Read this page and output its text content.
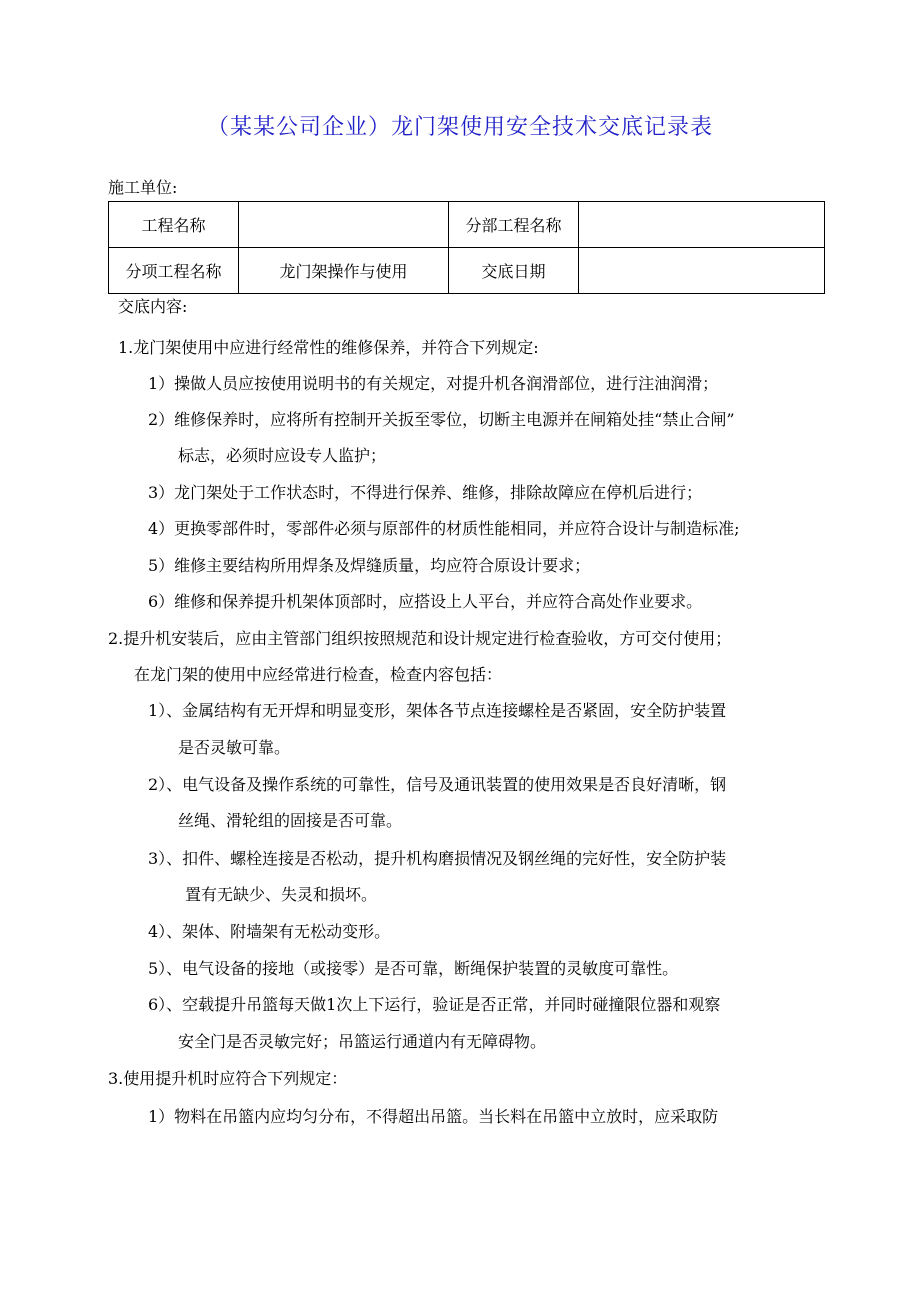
（某某公司企业）龙门架使用安全技术交底记录表
施工单位:
工程名称		分部工程名称	
分项工程名称	龙门架操作与使用	交底日期	
交底内容:
1.龙门架使用中应进行经常性的维修保养，并符合下列规定:
1）操做人员应按使用说明书的有关规定，对提升机各润滑部位，进行注油润滑；
2）维修保养时，应将所有控制开关扳至零位，切断主电源并在闸箱处挂“禁止合闸”
标志，必须时应设专人监护；
3）龙门架处于工作状态时，不得进行保养、维修，排除故障应在停机后进行；
4）更换零部件时，零部件必须与原部件的材质性能相同，并应符合设计与制造标准;
5）维修主要结构所用焊条及焊缝质量，均应符合原设计要求；
6）维修和保养提升机架体顶部时，应搭设上人平台，并应符合高处作业要求。
2.提升机安装后，应由主管部门组织按照规范和设计规定进行检查验收，方可交付使用；
在龙门架的使用中应经常进行检查，检查内容包括：
1）、金属结构有无开焊和明显变形，架体各节点连接螺栓是否紧固，安全防护装置
是否灵敏可靠。
2）、电气设备及操作系统的可靠性，信号及通讯装置的使用效果是否良好清晰，钢
丝绳、滑轮组的固接是否可靠。
3）、扣件、螺栓连接是否松动，提升机构磨损情况及钢丝绳的完好性，安全防护装
置有无缺少、失灵和损坏。
4）、架体、附墙架有无松动变形。
5）、电气设备的接地（或接零）是否可靠，断绳保护装置的灵敏度可靠性。
6）、空载提升吊篮每天做1次上下运行，验证是否正常，并同时碰撞限位器和观察
安全门是否灵敏完好；吊篮运行通道内有无障碍物。
3.使用提升机时应符合下列规定：
1）物料在吊篮内应均匀分布，不得超出吊篮。当长料在吊篮中立放时，应采取防
